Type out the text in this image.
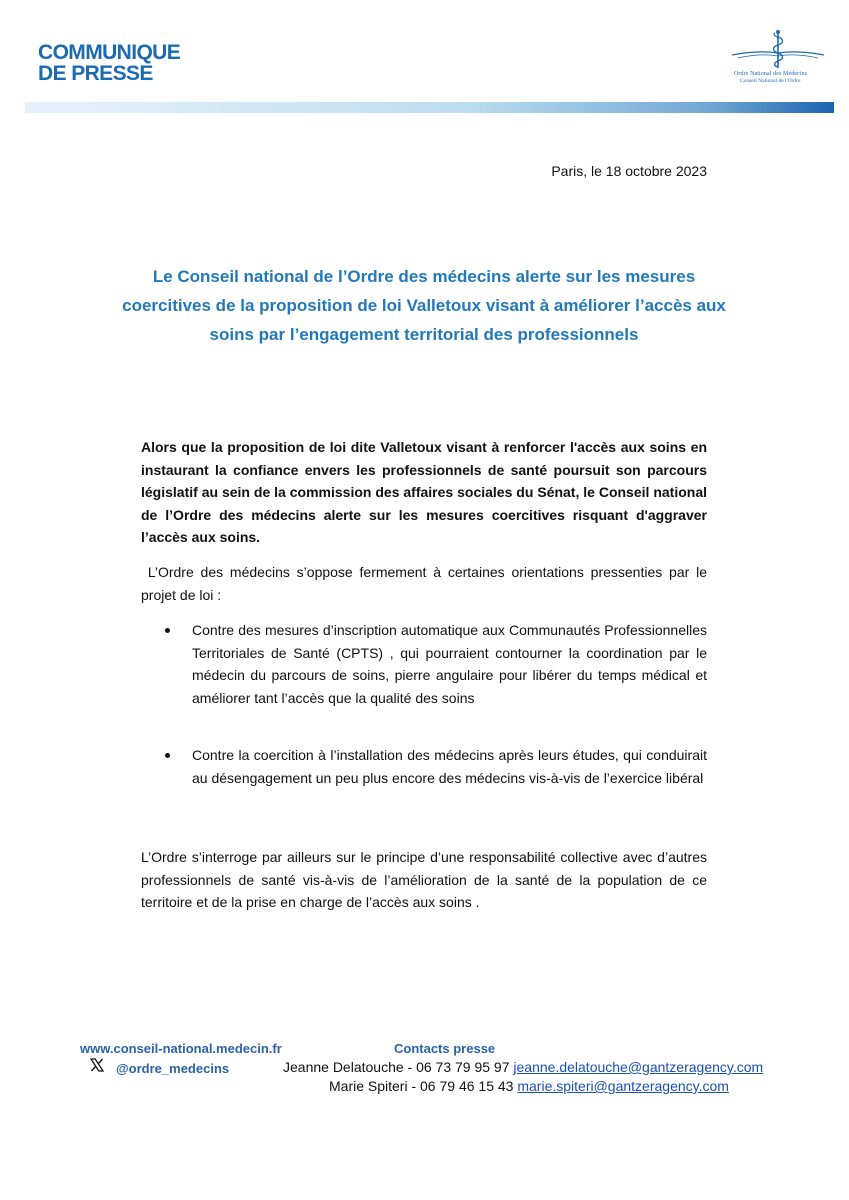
COMMUNIQUE
DE PRESSE	Ordre National des Médecins
Conseil National de l'Ordre
Paris, le 18 octobre 2023
Le Conseil national de l’Ordre des médecins alerte sur les mesures coercitives de la proposition de loi Valletoux visant à améliorer l’accès aux soins par l’engagement territorial des professionnels
Alors que la proposition de loi dite Valletoux visant à renforcer l'accès aux soins en instaurant la confiance envers les professionnels de santé poursuit son parcours législatif au sein de la commission des affaires sociales du Sénat, le Conseil national de l’Ordre des médecins alerte sur les mesures coercitives risquant d'aggraver l’accès aux soins.
L’Ordre des médecins s’oppose fermement à certaines orientations pressenties par le projet de loi :
Contre des mesures d’inscription automatique aux Communautés Professionnelles Territoriales de Santé (CPTS) , qui pourraient contourner la coordination par le médecin du parcours de soins, pierre angulaire pour libérer du temps médical et améliorer tant l’accès que la qualité des soins
Contre la coercition à l’installation des médecins après leurs études, qui conduirait au désengagement un peu plus encore des médecins vis-à-vis de l’exercice libéral
L’Ordre s’interroge par ailleurs sur le principe d’une responsabilité collective avec d’autres professionnels de santé vis-à-vis de l’amélioration de la santé de la population de ce territoire et de la prise en charge de l’accès aux soins .
www.conseil-national.medecin.fr	Contacts presse
@ordre_medecins	Jeanne Delatouche - 06 73 79 95 97 jeanne.delatouche@gantzeragency.com
Marie Spiteri - 06 79 46 15 43 marie.spiteri@gantzeragency.com
